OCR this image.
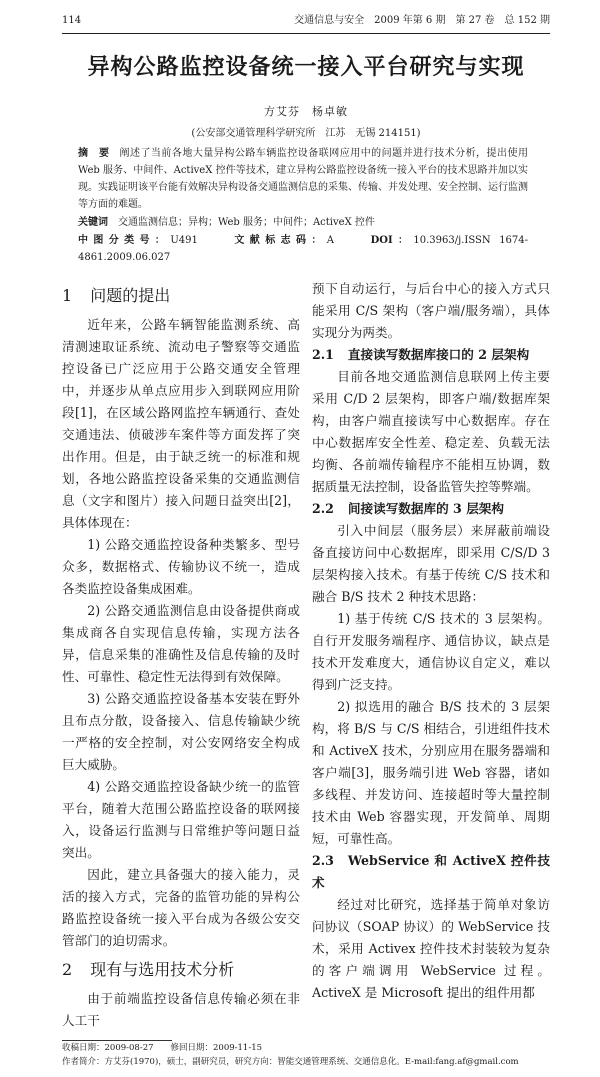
114	交通信息与安全　2009 年第 6 期　第 27 卷　总 152 期
异构公路监控设备统一接入平台研究与实现
方艾芬　杨卓敏
(公安部交通管理科学研究所　江苏　无锡 214151)
摘　要 阐述了当前各地大量异构公路车辆监控设备联网应用中的问题并进行技术分析，提出使用 Web 服务、中间件、ActiveX 控件等技术，建立异构公路监控设备统一接入平台的技术思路并加以实现。实践证明该平台能有效解决异构设备交通监测信息的采集、传输、并发处理、安全控制、运行监测等方面的难题。
关键词 交通监测信息；异构；Web 服务；中间件；ActiveX 控件
中图分类号：U491	文献标志码：A	DOI：10.3963/j.ISSN 1674-4861.2009.06.027
1 问题的提出

近年来，公路车辆智能监测系统、高清测速取证系统、流动电子警察等交通监控设备已广泛应用于公路交通安全管理中，并逐步从单点应用步入到联网应用阶段[1]，在区域公路网监控车辆通行、查处交通违法、侦破涉车案件等方面发挥了突出作用。但是，由于缺乏统一的标准和规划，各地公路监控设备采集的交通监测信息（文字和图片）接入问题日益突出[2]，具体体现在：

1) 公路交通监控设备种类繁多、型号众多，数据格式、传输协议不统一，造成各类监控设备集成困难。

2) 公路交通监测信息由设备提供商或集成商各自实现信息传输，实现方法各异，信息采集的准确性及信息传输的及时性、可靠性、稳定性无法得到有效保障。

3) 公路交通监控设备基本安装在野外且布点分散，设备接入、信息传输缺少统一严格的安全控制，对公安网络安全构成巨大威胁。

4) 公路交通监控设备缺少统一的监管平台，随着大范围公路监控设备的联网接入，设备运行监测与日常维护等问题日益突出。

因此，建立具备强大的接入能力，灵活的接入方式，完备的监管功能的异构公路监控设备统一接入平台成为各级公安交管部门的迫切需求。

2 现有与选用技术分析

由于前端监控设备信息传输必须在非人工干

预下自动运行，与后台中心的接入方式只能采用 C/S 架构（客户端/服务端），具体实现分为两类。

2.1 直接读写数据库接口的 2 层架构

目前各地交通监测信息联网上传主要采用 C/D 2 层架构，即客户端/数据库架构，由客户端直接读写中心数据库。存在中心数据库安全性差、稳定差、负载无法均衡、各前端传输程序不能相互协调，数据质量无法控制，设备监管失控等弊端。

2.2 间接读写数据库的 3 层架构

引入中间层（服务层）来屏蔽前端设备直接访问中心数据库，即采用 C/S/D 3 层架构接入技术。有基于传统 C/S 技术和融合 B/S 技术 2 种技术思路：

1) 基于传统 C/S 技术的 3 层架构。自行开发服务端程序、通信协议，缺点是技术开发难度大，通信协议自定义，难以得到广泛支持。

2) 拟选用的融合 B/S 技术的 3 层架构，将 B/S 与 C/S 相结合，引进组件技术和 ActiveX 技术，分别应用在服务器端和客户端[3]，服务端引进 Web 容器，诸如多线程、并发访问、连接超时等大量控制技术由 Web 容器实现，开发简单、周期短，可靠性高。

2.3 WebService 和 ActiveX 控件技术

经过对比研究，选择基于简单对象访问协议（SOAP 协议）的 WebService 技术，采用 Activex 控件技术封装较为复杂的客户端调用 WebService 过程。ActiveX 是 Microsoft 提出的组件用都

收稿日期：2009-08-27　　修回日期：2009-11-15
作者简介：方艾芬(1970)，硕士，副研究员，研究方向：智能交通管理系统、交通信息化。E-mail:fang.af@gmail.com
